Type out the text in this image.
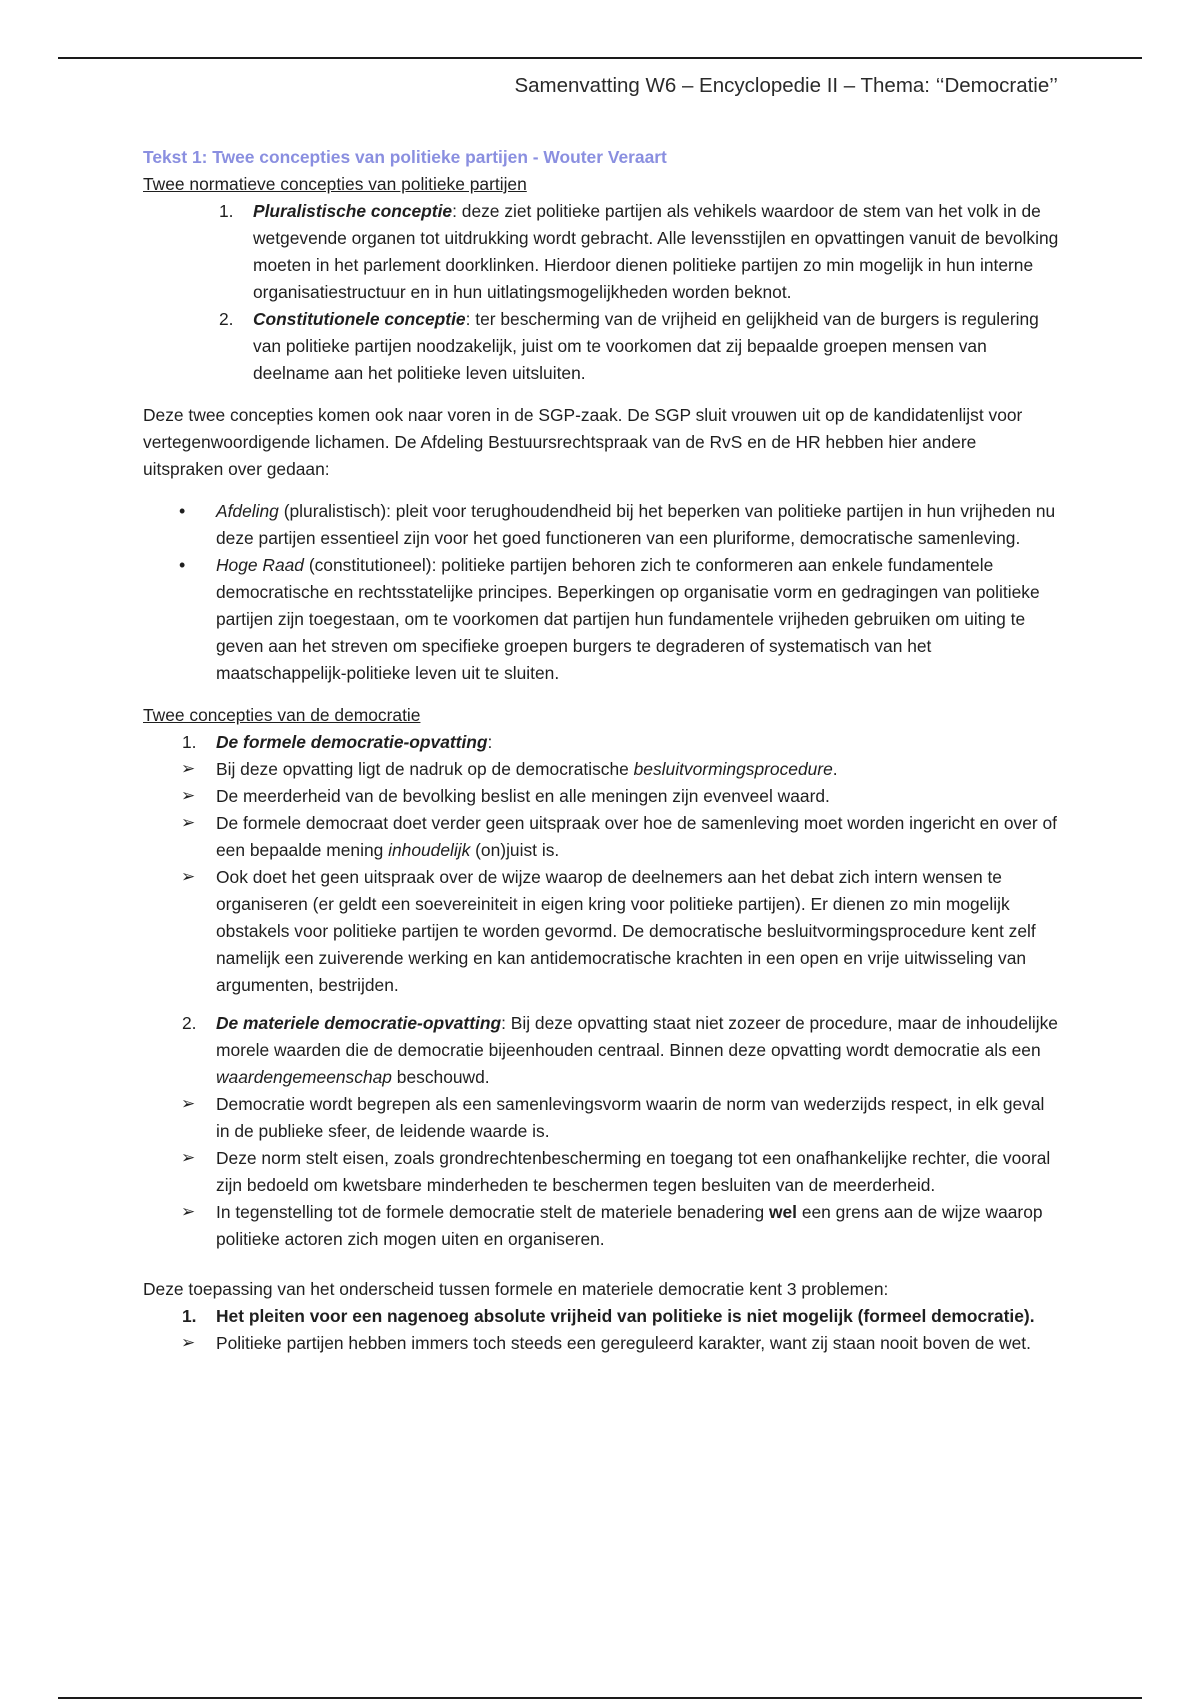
Samenvatting W6 – Encyclopedie II – Thema: ‘‘Democratie’’

Tekst 1: Twee concepties van politieke partijen - Wouter Veraart

Twee normatieve concepties van politieke partijen

1. Pluralistische conceptie: deze ziet politieke partijen als vehikels waardoor de stem van het volk in de wetgevende organen tot uitdrukking wordt gebracht. Alle levensstijlen en opvattingen vanuit de bevolking moeten in het parlement doorklinken. Hierdoor dienen politieke partijen zo min mogelijk in hun interne organisatiestructuur en in hun uitlatingsmogelijkheden worden beknot.
2. Constitutionele conceptie: ter bescherming van de vrijheid en gelijkheid van de burgers is regulering van politieke partijen noodzakelijk, juist om te voorkomen dat zij bepaalde groepen mensen van deelname aan het politieke leven uitsluiten.

Deze twee concepties komen ook naar voren in de SGP-zaak. De SGP sluit vrouwen uit op de kandidatenlijst voor vertegenwoordigende lichamen. De Afdeling Bestuursrechtspraak van de RvS en de HR hebben hier andere uitspraken over gedaan:

• Afdeling (pluralistisch): pleit voor terughoudendheid bij het beperken van politieke partijen in hun vrijheden nu deze partijen essentieel zijn voor het goed functioneren van een pluriforme, democratische samenleving.
• Hoge Raad (constitutioneel): politieke partijen behoren zich te conformeren aan enkele fundamentele democratische en rechtsstatelijke principes. Beperkingen op organisatie vorm en gedragingen van politieke partijen zijn toegestaan, om te voorkomen dat partijen hun fundamentele vrijheden gebruiken om uiting te geven aan het streven om specifieke groepen burgers te degraderen of systematisch van het maatschappelijk-politieke leven uit te sluiten.

Twee concepties van de democratie

1. De formele democratie-opvatting:
➢ Bij deze opvatting ligt de nadruk op de democratische besluitvormingsprocedure.
➢ De meerderheid van de bevolking beslist en alle meningen zijn evenveel waard.
➢ De formele democraat doet verder geen uitspraak over hoe de samenleving moet worden ingericht en over of een bepaalde mening inhoudelijk (on)juist is.
➢ Ook doet het geen uitspraak over de wijze waarop de deelnemers aan het debat zich intern wensen te organiseren (er geldt een soevereiniteit in eigen kring voor politieke partijen). Er dienen zo min mogelijk obstakels voor politieke partijen te worden gevormd. De democratische besluitvormingsprocedure kent zelf namelijk een zuiverende werking en kan antidemocratische krachten in een open en vrije uitwisseling van argumenten, bestrijden.
2. De materiele democratie-opvatting: Bij deze opvatting staat niet zozeer de procedure, maar de inhoudelijke morele waarden die de democratie bijeenhouden centraal. Binnen deze opvatting wordt democratie als een waardengemeenschap beschouwd.
➢ Democratie wordt begrepen als een samenlevingsvorm waarin de norm van wederzijds respect, in elk geval in de publieke sfeer, de leidende waarde is.
➢ Deze norm stelt eisen, zoals grondrechtenbescherming en toegang tot een onafhankelijke rechter, die vooral zijn bedoeld om kwetsbare minderheden te beschermen tegen besluiten van de meerderheid.
➢ In tegenstelling tot de formele democratie stelt de materiele benadering wel een grens aan de wijze waarop politieke actoren zich mogen uiten en organiseren.

Deze toepassing van het onderscheid tussen formele en materiele democratie kent 3 problemen:

1. Het pleiten voor een nagenoeg absolute vrijheid van politieke is niet mogelijk (formeel democratie).
➢ Politieke partijen hebben immers toch steeds een gereguleerd karakter, want zij staan nooit boven de wet.
